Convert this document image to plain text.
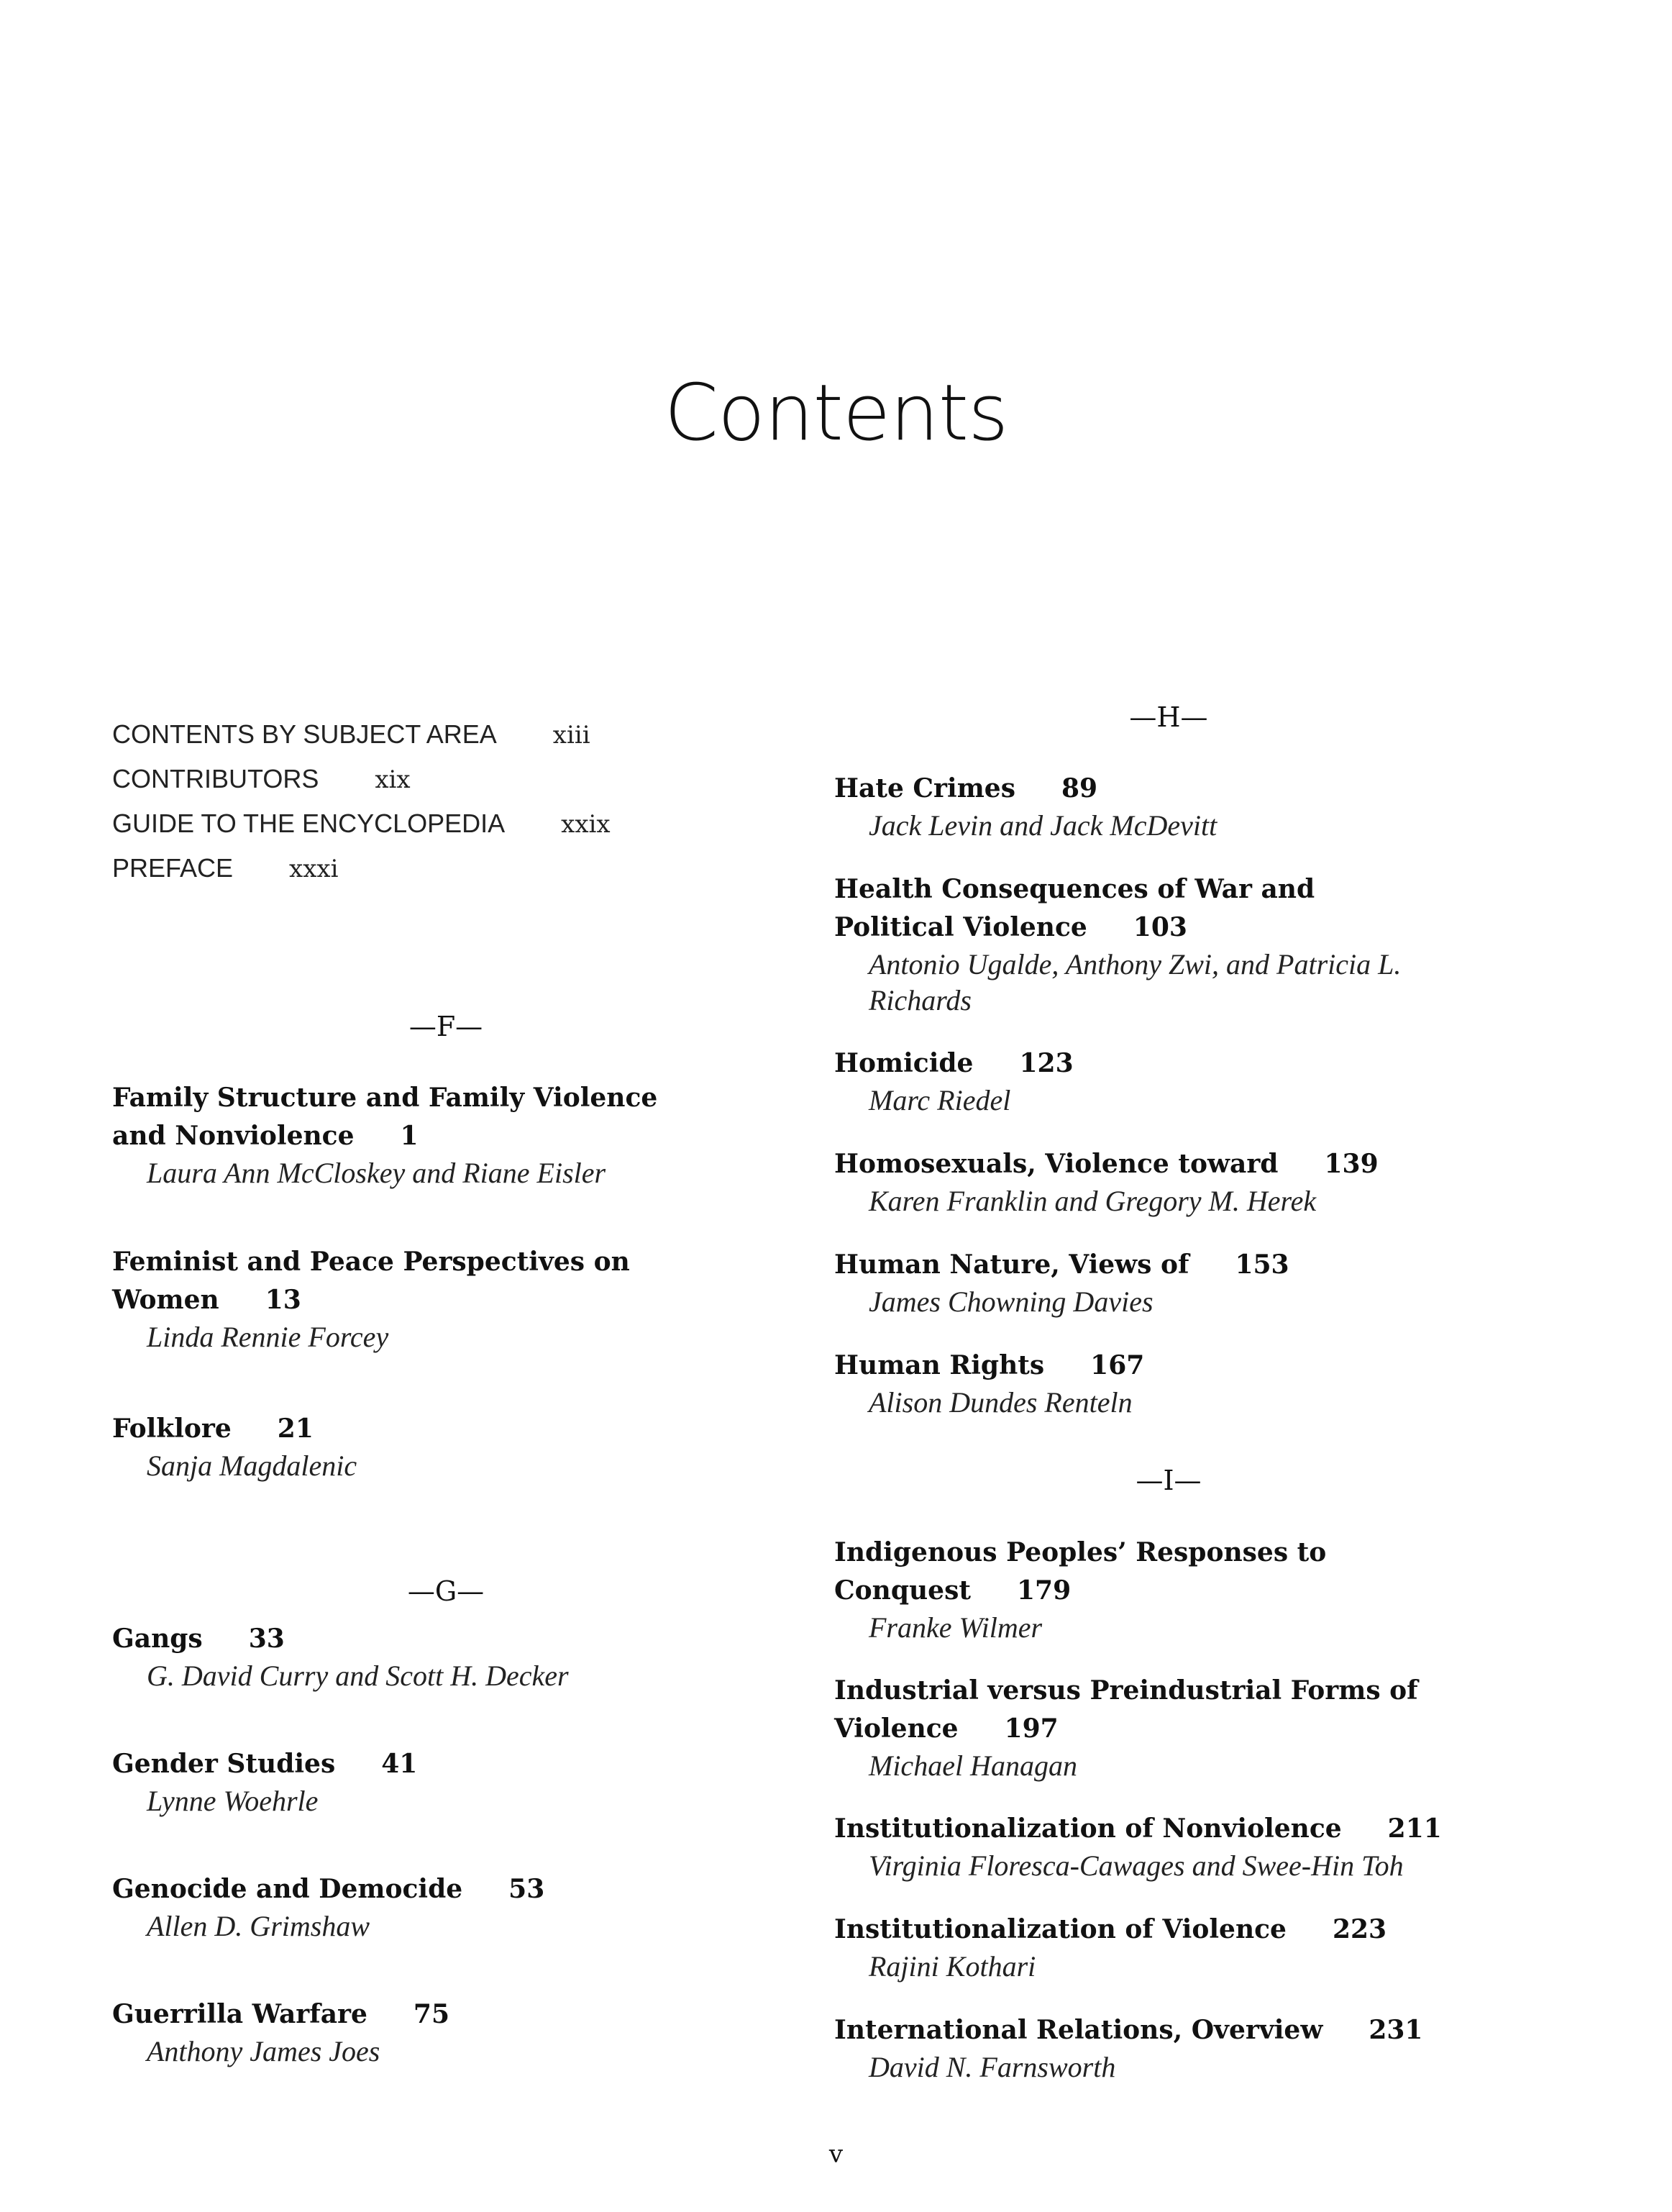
Contents
CONTENTS BY SUBJECT AREA xiii
CONTRIBUTORS xix
GUIDE TO THE ENCYCLOPEDIA xxix
PREFACE xxxi
—F—

Family Structure and Family Violence

and Nonviolence 1

Laura Ann McCloskey and Riane Eisler

Feminist and Peace Perspectives on

Women 13

Linda Rennie Forcey

Folklore 21

Sanja Magdalenic

—G—

Gangs 33

G. David Curry and Scott H. Decker

Gender Studies 41

Lynne Woehrle

Genocide and Democide 53

Allen D. Grimshaw

Guerrilla Warfare 75

Anthony James Joes

—H—

Hate Crimes 89

Jack Levin and Jack McDevitt

Health Consequences of War and

Political Violence 103

Antonio Ugalde, Anthony Zwi, and Patricia L.

Richards

Homicide 123

Marc Riedel

Homosexuals, Violence toward 139

Karen Franklin and Gregory M. Herek

Human Nature, Views of 153

James Chowning Davies

Human Rights 167

Alison Dundes Renteln

—I—

Indigenous Peoples’ Responses to

Conquest 179

Franke Wilmer

Industrial versus Preindustrial Forms of

Violence 197

Michael Hanagan

Institutionalization of Nonviolence 211

Virginia Floresca-Cawages and Swee-Hin Toh

Institutionalization of Violence 223

Rajini Kothari

International Relations, Overview 231

David N. Farnsworth

v
